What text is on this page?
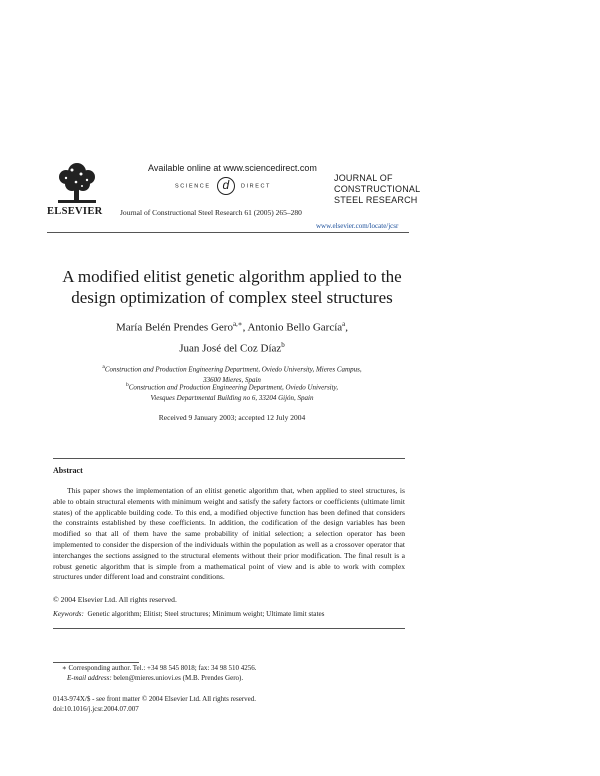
ELSEVIER
Available online at www.sciencedirect.com
SCIENCE d DIRECT
Journal of Constructional Steel Research 61 (2005) 265–280
JOURNAL OF
CONSTRUCTIONAL
STEEL RESEARCH
www.elsevier.com/locate/jcsr
A modified elitist genetic algorithm applied to the
design optimization of complex steel structures
María Belén Prendes Gero$^{a,∗}$, Antonio Bello García$^a$,
Juan José del Coz Díaz$^b$
$^a$Construction and Production Engineering Department, Oviedo University, Mieres Campus,
33600 Mieres, Spain
$^b$Construction and Production Engineering Department, Oviedo University,
Viesques Departmental Building no 6, 33204 Gijón, Spain
Received 9 January 2003; accepted 12 July 2004
Abstract

This paper shows the implementation of an elitist genetic algorithm that, when applied to steel structures, is able to obtain structural elements with minimum weight and satisfy the safety factors or coefficients (ultimate limit states) of the applicable building code. To this end, a modified objective function has been defined that considers the constraints established by these coefficients. In addition, the codification of the design variables has been modified so that all of them have the same probability of initial selection; a selection operator has been implemented to consider the dispersion of the individuals within the population as well as a crossover operator that interchanges the sections assigned to the structural elements without their prior modification. The final result is a robust genetic algorithm that is simple from a mathematical point of view and is able to work with complex structures under different load and constraint conditions.

© 2004 Elsevier Ltd. All rights reserved.
Keywords: Genetic algorithm; Elitist; Steel structures; Minimum weight; Ultimate limit states
∗ Corresponding author. Tel.: +34 98 545 8018; fax: 34 98 510 4256.
E-mail address: belen@mieres.uniovi.es (M.B. Prendes Gero).
0143-974X/$ - see front matter © 2004 Elsevier Ltd. All rights reserved.
doi:10.1016/j.jcsr.2004.07.007
